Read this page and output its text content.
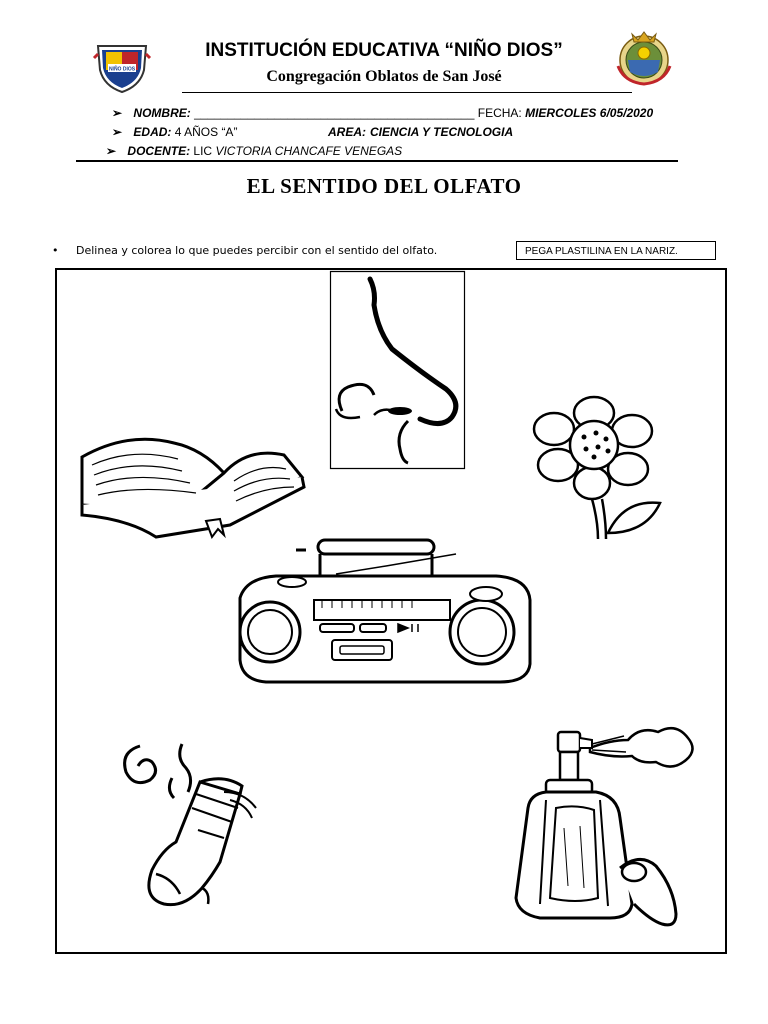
NIÑO DIOS
INSTITUCIÓN EDUCATIVA “NIÑO DIOS”
Congregación Oblatos de San José
➢ NOMBRE: __________________________________________ FECHA: MIERCOLES 6/05/2020
➢ EDAD: 4 AÑOS “A”	AREA: CIENCIA Y TECNOLOGIA
➢ DOCENTE: LIC VICTORIA CHANCAFE VENEGAS
EL SENTIDO DEL OLFATO
• Delinea y colorea lo que puedes percibir con el sentido del olfato.	PEGA PLASTILINA EN LA NARIZ.
